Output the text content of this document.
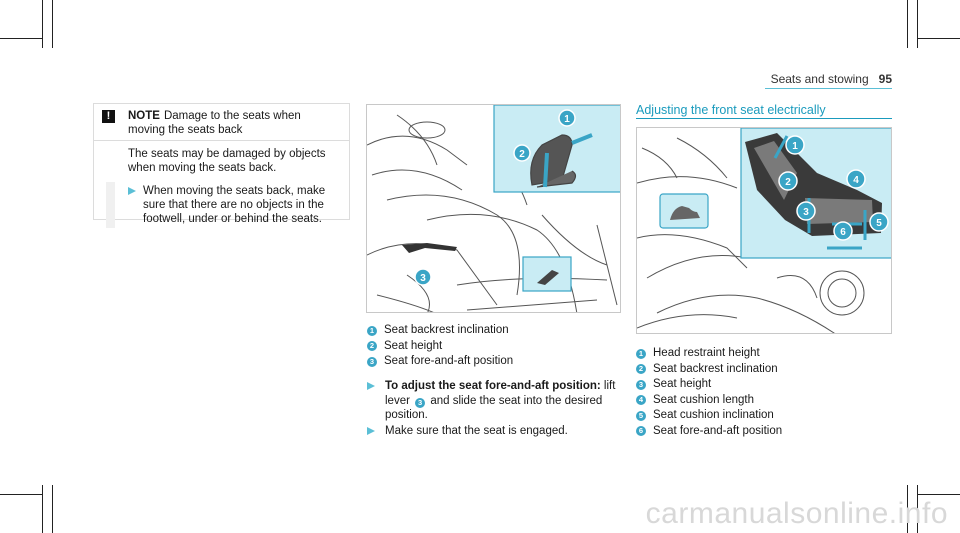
Seats and stowing 95
!	NOTE Damage to the seats when moving the seats back
The seats may be damaged by objects when moving the seats back.
When moving the seats back, make sure that there are no objects in the footwell, under or behind the seats.
1
2
3
1 Seat backrest inclination
2 Seat height
3 Seat fore-and-aft position
To adjust the seat fore-and-aft position: lift lever 3 and slide the seat into the desired position.
Make sure that the seat is engaged.
Adjusting the front seat electrically
1
2
3
4
5
6
1 Head restraint height
2 Seat backrest inclination
3 Seat height
4 Seat cushion length
5 Seat cushion inclination
6 Seat fore-and-aft position
carmanualsonline.info
